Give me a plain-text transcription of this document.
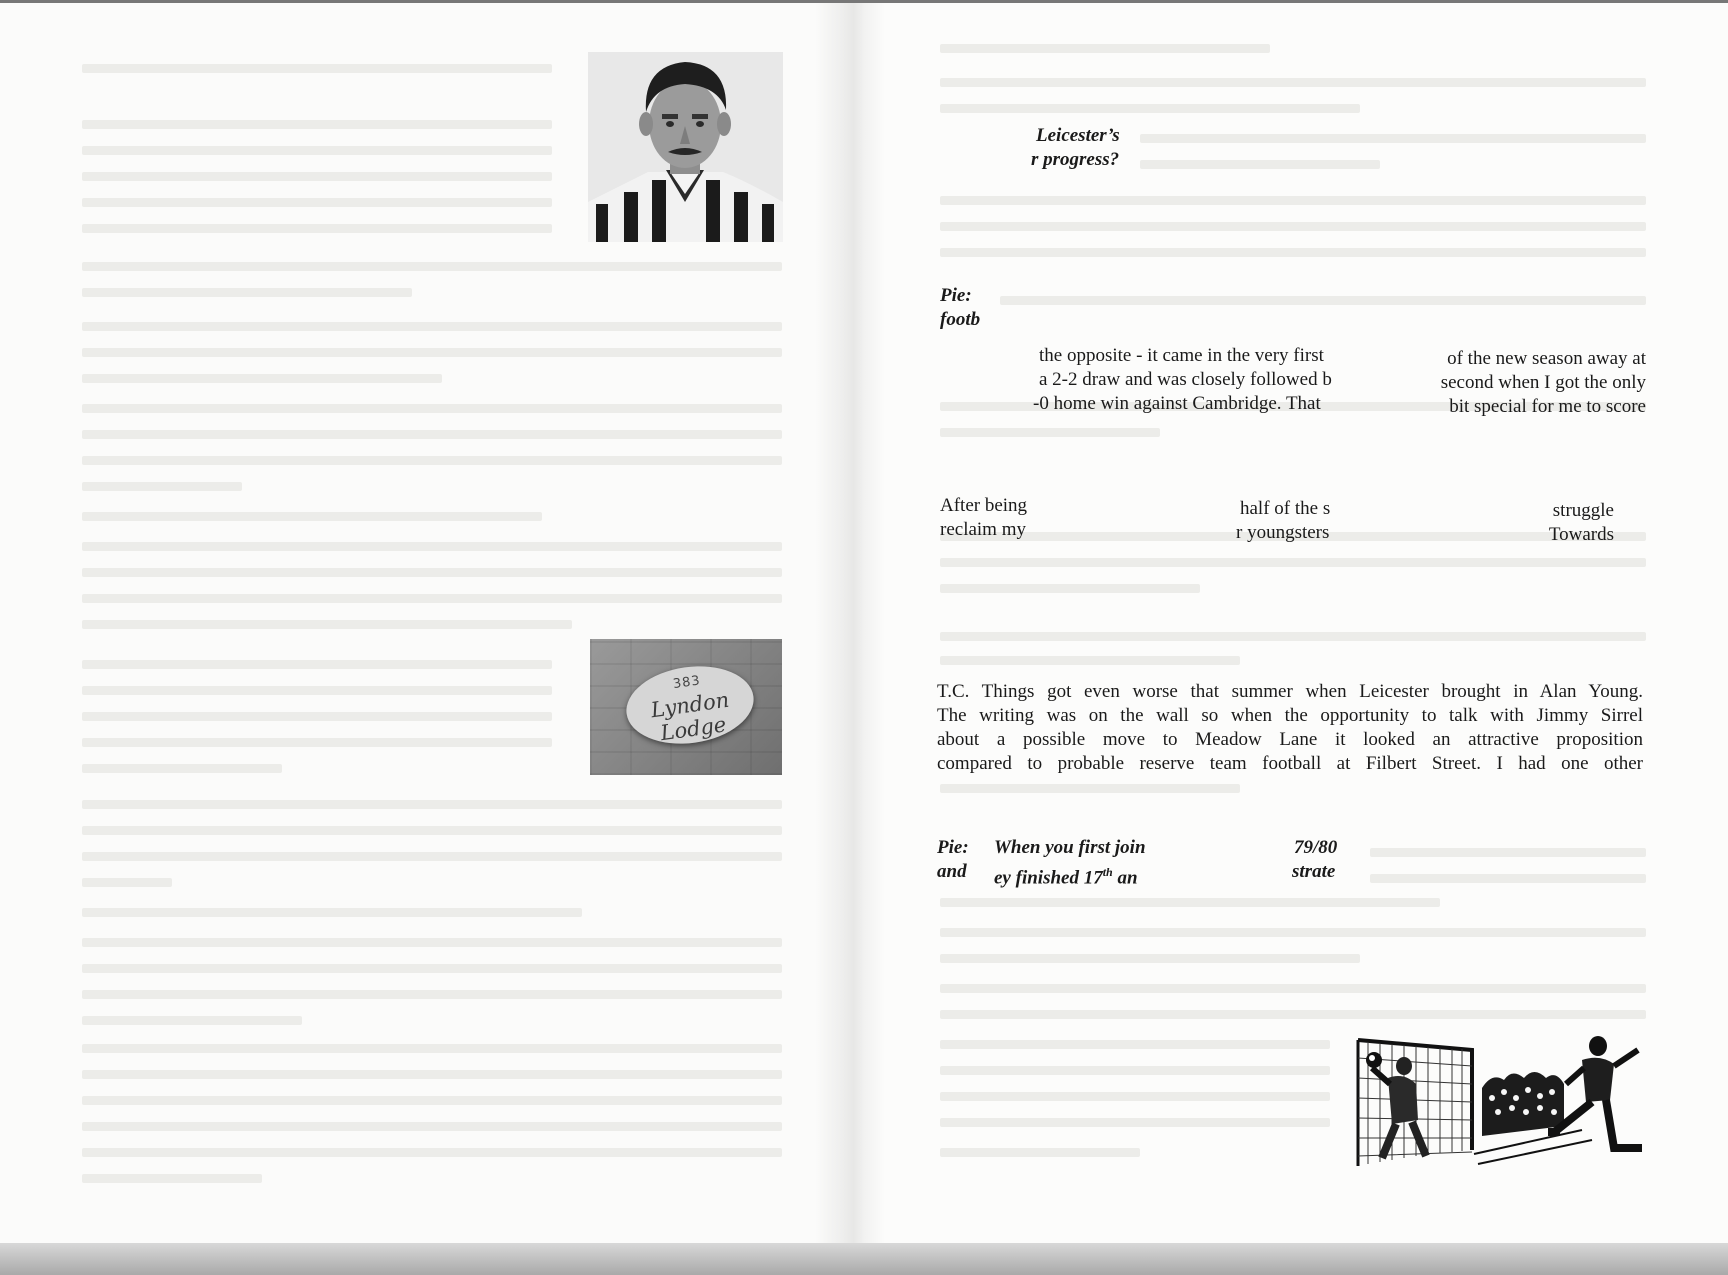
383
Lyndon Lodge
Leicester’s
r progress?
Pie:
footb
the opposite - it came in the very first
a 2-2 draw and was closely followed b
-0 home win against Cambridge. That
of the new season away at
second when I got the only
bit special for me to score
After being
reclaim my
half of the s
r youngsters
struggle
Towards
T.C. Things got even worse that summer when Leicester brought in Alan Young.
The writing was on the wall so when the opportunity to talk with Jimmy Sirrel
about a possible move to Meadow Lane it looked an attractive proposition
compared to probable reserve team football at Filbert Street. I had one other
Pie: When you first join	79/80
and ey finished 17th an	strate
